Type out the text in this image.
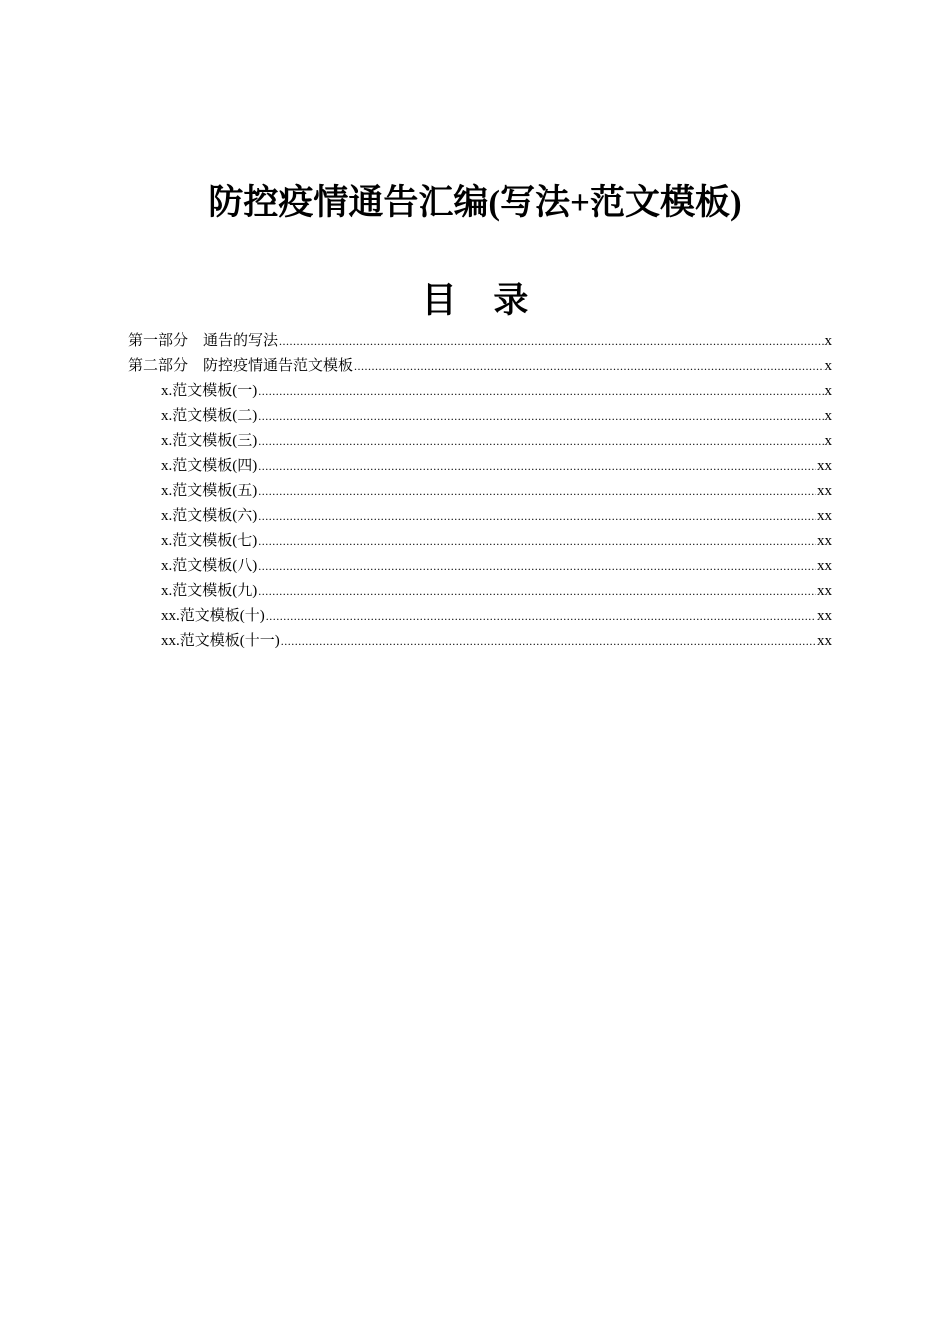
防控疫情通告汇编(写法+范文模板)
目 录
第一部分　通告的写法 .....	x
第二部分　防控疫情通告范文模板 .....	x
x.范文模板(一) .....	x
x.范文模板(二) .....	x
x.范文模板(三) .....	x
x.范文模板(四) .....	xx
x.范文模板(五) .....	xx
x.范文模板(六) .....	xx
x.范文模板(七) .....	xx
x.范文模板(八) .....	xx
x.范文模板(九) .....	xx
xx.范文模板(十) .....	xx
xx.范文模板(十一) .....	xx
